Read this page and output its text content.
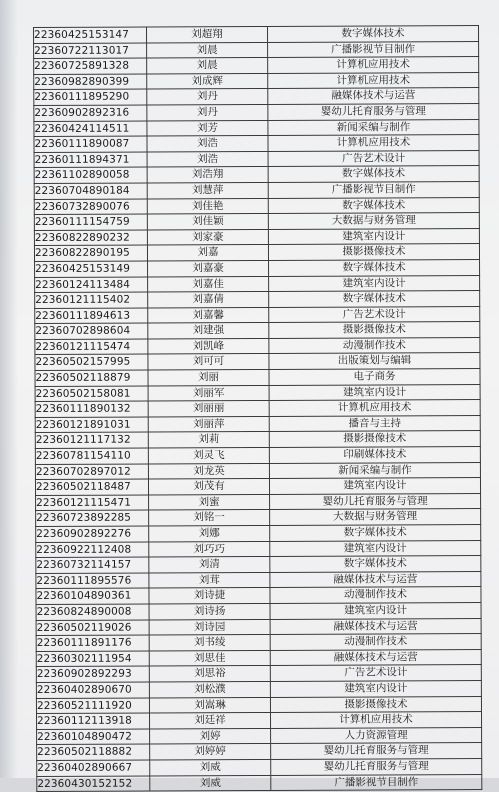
22360425153147	刘超翔	数字媒体技术
22360722113017	刘晨	广播影视节目制作
22360725891328	刘晨	计算机应用技术
22360982890399	刘成辉	计算机应用技术
22360111895290	刘丹	融媒体技术与运营
22360902892316	刘丹	婴幼儿托育服务与管理
22360424114511	刘芳	新闻采编与制作
22360111890087	刘浩	计算机应用技术
22360111894371	刘浩	广告艺术设计
22361102890058	刘浩翔	数字媒体技术
22360704890184	刘慧萍	广播影视节目制作
22360732890076	刘佳艳	数字媒体技术
22360111154759	刘佳颖	大数据与财务管理
22360822890232	刘家豪	建筑室内设计
22360822890195	刘嘉	摄影摄像技术
22360425153149	刘嘉豪	数字媒体技术
22360124113484	刘嘉佳	建筑室内设计
22360121115402	刘嘉倩	数字媒体技术
22360111894613	刘嘉馨	广告艺术设计
22360702898604	刘建强	摄影摄像技术
22360121115474	刘凯峰	动漫制作技术
22360502157995	刘可可	出版策划与编辑
22360502118879	刘丽	电子商务
22360502158081	刘丽军	建筑室内设计
22360111890132	刘丽丽	计算机应用技术
22360121891031	刘丽萍	播音与主持
22360121117132	刘莉	摄影摄像技术
22360781154110	刘灵飞	印刷媒体技术
22360702897012	刘龙英	新闻采编与制作
22360502118487	刘茂有	建筑室内设计
22360121115471	刘蜜	婴幼儿托育服务与管理
22360723892285	刘铭一	大数据与财务管理
22360902892276	刘娜	数字媒体技术
22360922112408	刘巧巧	建筑室内设计
22360732114157	刘清	数字媒体技术
22360111895576	刘茸	融媒体技术与运营
22360104890361	刘诗捷	动漫制作技术
22360824890008	刘诗扬	建筑室内设计
22360502119026	刘诗园	融媒体技术与运营
22360111891176	刘书绫	动漫制作技术
22360302111954	刘思佳	融媒体技术与运营
22360902892293	刘思裕	广告艺术设计
22360402890670	刘松濮	建筑室内设计
22360521111920	刘嵩琳	摄影摄像技术
22360112113918	刘廷祥	计算机应用技术
22360104890472	刘婷	人力资源管理
22360502118882	刘婷婷	婴幼儿托育服务与管理
22360402890667	刘威	婴幼儿托育服务与管理
22360430152152	刘威	广播影视节目制作
